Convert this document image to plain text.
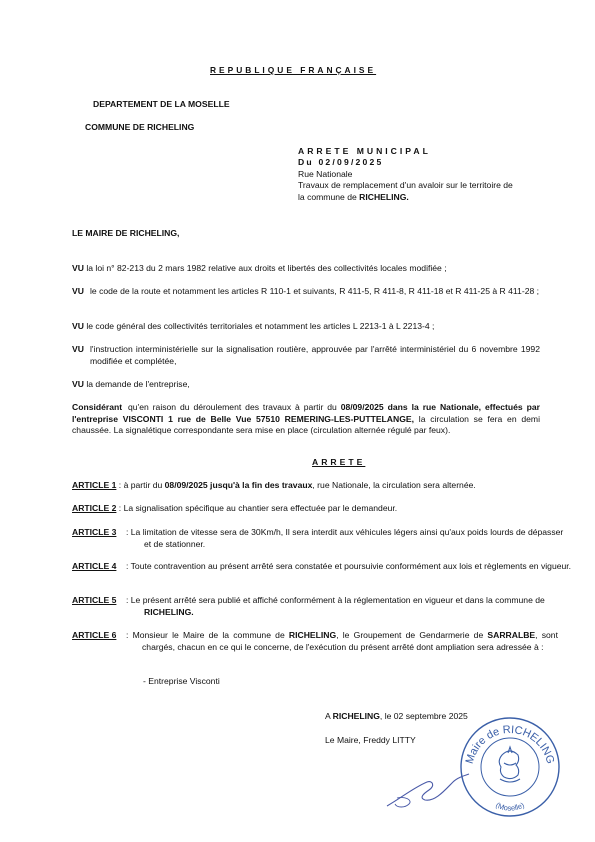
REPUBLIQUE FRANÇAISE
DEPARTEMENT DE LA MOSELLE
COMMUNE DE RICHELING
ARRETE MUNICIPAL
Du 02/09/2025
Rue Nationale
Travaux de remplacement d'un avaloir sur le territoire de
la commune de RICHELING.
LE MAIRE DE RICHELING,
VU la loi n° 82-213 du 2 mars 1982 relative aux droits et libertés des collectivités locales modifiée ;
VU le code de la route et notamment les articles R 110-1 et suivants, R 411-5, R 411-8, R 411-18 et R 411-25 à R 411-28 ;
VU le code général des collectivités territoriales et notamment les articles L 2213-1 à L 2213-4 ;
VU l'instruction interministérielle sur la signalisation routière, approuvée par l'arrêté interministériel du 6 novembre 1992 modifiée et complétée,
VU la demande de l'entreprise,
Considérant qu'en raison du déroulement des travaux à partir du 08/09/2025 dans la rue Nationale, effectués par l'entreprise VISCONTI 1 rue de Belle Vue 57510 REMERING-LES-PUTTELANGE, la circulation se fera en demi chaussée. La signalétique correspondante sera mise en place (circulation alternée régulé par feux).
ARRETE
ARTICLE 1 : à partir du 08/09/2025 jusqu'à la fin des travaux, rue Nationale, la circulation sera alternée.
ARTICLE 2 : La signalisation spécifique au chantier sera effectuée par le demandeur.
ARTICLE 3 : La limitation de vitesse sera de 30Km/h, Il sera interdit aux véhicules légers ainsi qu'aux poids lourds de dépasser et de stationner.
ARTICLE 4 : Toute contravention au présent arrêté sera constatée et poursuivie conformément aux lois et règlements en vigueur.
ARTICLE 5 : Le présent arrêté sera publié et affiché conformément à la réglementation en vigueur et dans la commune de RICHELING.
ARTICLE 6 : Monsieur le Maire de la commune de RICHELING, le Groupement de Gendarmerie de SARRALBE, sont chargés, chacun en ce qui le concerne, de l'exécution du présent arrêté dont ampliation sera adressée à :
- Entreprise Visconti
A RICHELING, le 02 septembre 2025
Le Maire, Freddy LITTY
Maire de RICHELING
(Moselle)
